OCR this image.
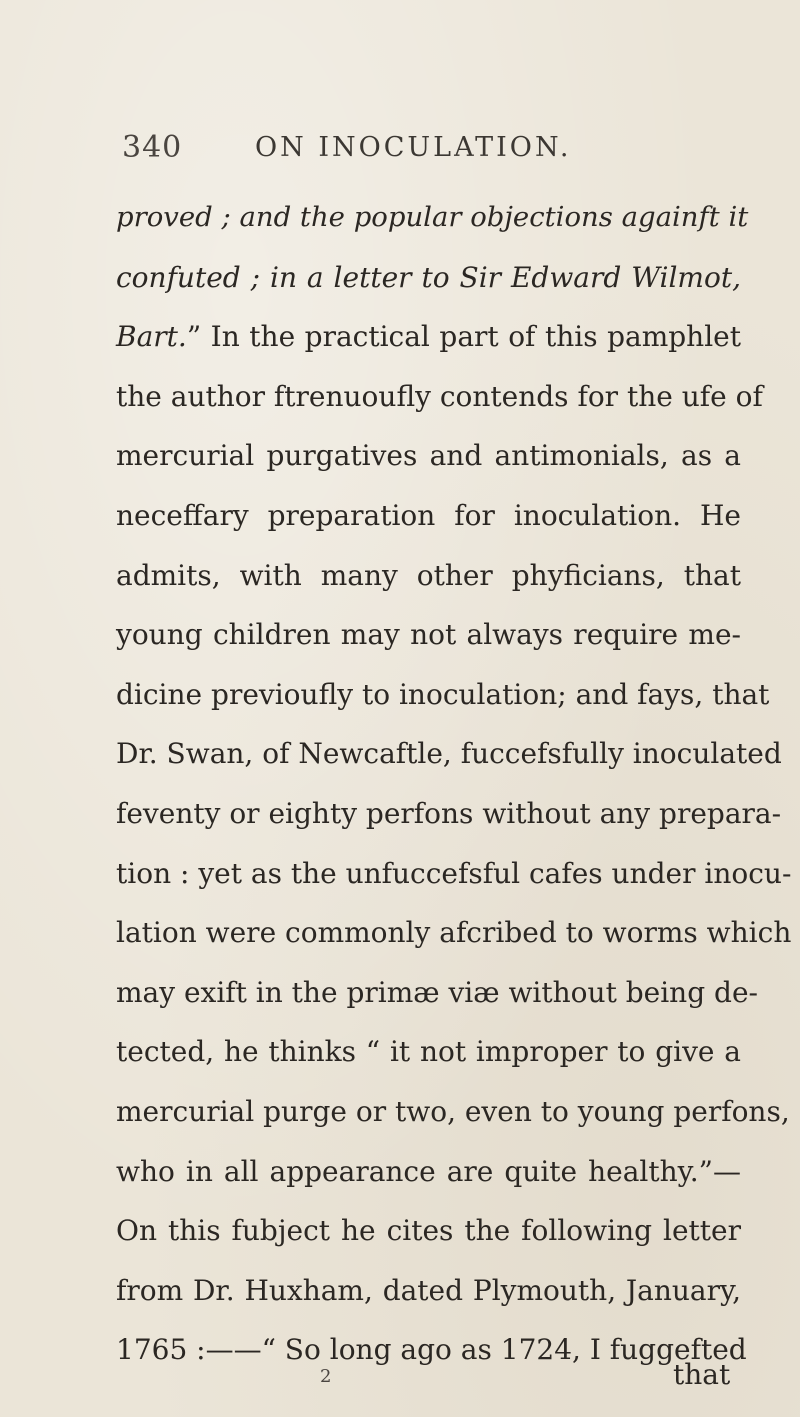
340	ON INOCULATION.
proved ; and the popular objections againft it
confuted ; in a letter to Sir Edward Wilmot,
Bart.” In the practical part of this pamphlet
the author ftrenuoufly contends for the ufe of
mercurial purgatives and antimonials, as a
neceffary preparation for inoculation. He
admits, with many other phyficians, that
young children may not always require me-
dicine previoufly to inoculation; and fays, that
Dr. Swan, of Newcaftle, fuccefsfully inoculated
feventy or eighty perfons without any prepara-
tion : yet as the unfuccefsful cafes under inocu-
lation were commonly afcribed to worms which
may exift in the primæ viæ without being de-
tected, he thinks “ it not improper to give a
mercurial purge or two, even to young perfons,
who in all appearance are quite healthy.”—
On this fubject he cites the following letter
from Dr. Huxham, dated Plymouth, January,
1765 :——“ So long ago as 1724, I fuggefted
2	that
